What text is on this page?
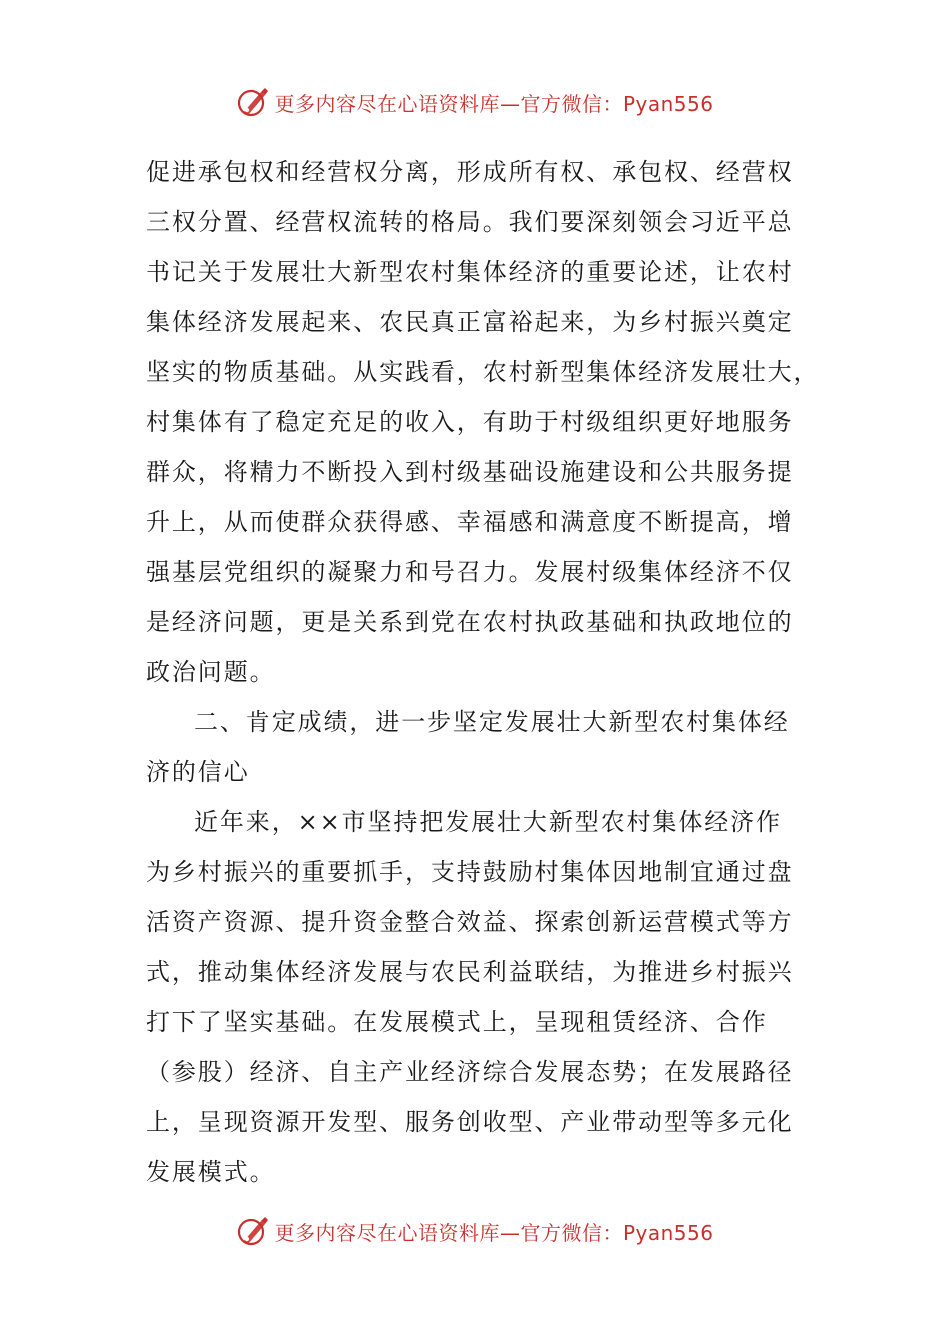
更多内容尽在心语资料库—官方微信：Pyan556
促进承包权和经营权分离，形成所有权、承包权、经营权
三权分置、经营权流转的格局。我们要深刻领会习近平总
书记关于发展壮大新型农村集体经济的重要论述，让农村
集体经济发展起来、农民真正富裕起来，为乡村振兴奠定
坚实的物质基础。从实践看，农村新型集体经济发展壮大，
村集体有了稳定充足的收入，有助于村级组织更好地服务
群众，将精力不断投入到村级基础设施建设和公共服务提
升上，从而使群众获得感、幸福感和满意度不断提高，增
强基层党组织的凝聚力和号召力。发展村级集体经济不仅
是经济问题，更是关系到党在农村执政基础和执政地位的
政治问题。
二、肯定成绩，进一步坚定发展壮大新型农村集体经
济的信心
近年来，××市坚持把发展壮大新型农村集体经济作
为乡村振兴的重要抓手，支持鼓励村集体因地制宜通过盘
活资产资源、提升资金整合效益、探索创新运营模式等方
式，推动集体经济发展与农民利益联结，为推进乡村振兴
打下了坚实基础。在发展模式上，呈现租赁经济、合作
（参股）经济、自主产业经济综合发展态势；在发展路径
上，呈现资源开发型、服务创收型、产业带动型等多元化
发展模式。
更多内容尽在心语资料库—官方微信：Pyan556
